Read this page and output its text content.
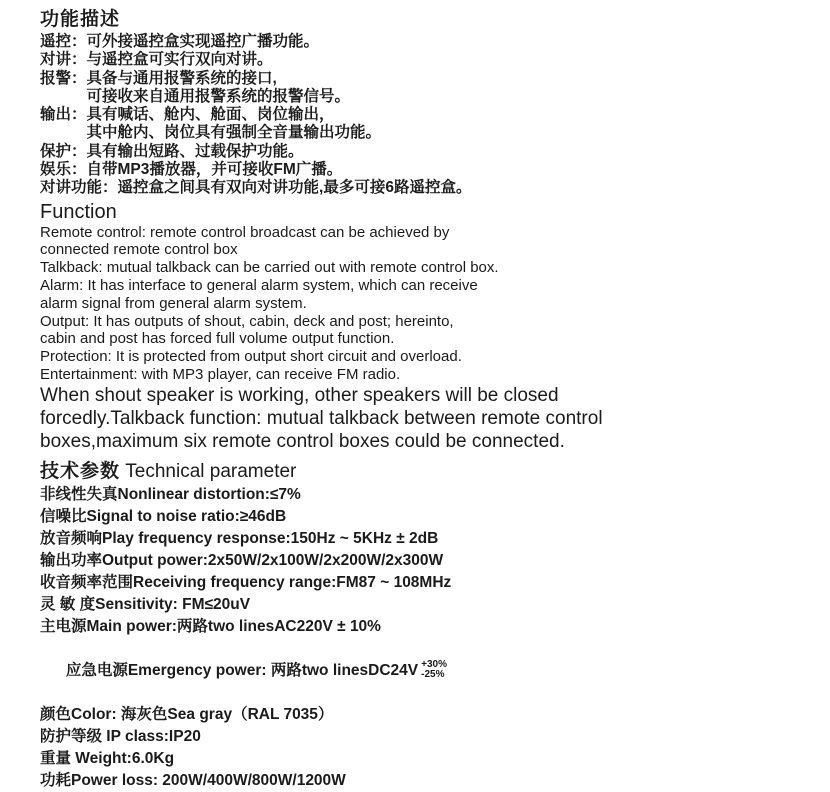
功能描述
遥控： 可外接遥控盒实现遥控广播功能。
对讲： 与遥控盒可实行双向对讲。
报警： 具备与通用报警系统的接口,
可接收来自通用报警系统的报警信号。
输出： 具有喊话、舱内、舱面、岗位输出，
其中舱内、岗位具有强制全音量输出功能。
保护： 具有输出短路、过载保护功能。
娱乐： 自带MP3播放器，并可接收FM广播。
对讲功能： 遥控盒之间具有双向对讲功能,最多可接6路遥控盒。
Function
Remote control: remote control broadcast can be achieved by
connected remote control box
Talkback: mutual talkback can be carried out with remote control box.
Alarm: It has interface to general alarm system, which can receive
alarm signal from general alarm system.
Output: It has outputs of shout, cabin, deck and post; hereinto,
cabin and post has forced full volume output function.
Protection: It is protected from output short circuit and overload.
Entertainment: with MP3 player, can receive FM radio.
When shout speaker is working, other speakers will be closed
forcedly.Talkback function: mutual talkback between remote control
boxes,maximum six remote control boxes could be connected.
技术参数 Technical parameter
非线性失真Nonlinear distortion:≤7%
信噪比Signal to noise ratio:≥46dB
放音频响Play frequency response:150Hz ~ 5KHz ± 2dB
输出功率Output power:2x50W/2x100W/2x200W/2x300W
收音频率范围Receiving frequency range:FM87 ~ 108MHz
灵 敏 度Sensitivity: FM≤20uV
主电源Main power:两路two linesAC220V ± 10%

应急电源Emergency power: 两路two linesDC24V +30%
-25%

颜色Color: 海灰色Sea gray（RAL 7035）
防护等级 IP class:IP20
重量 Weight:6.0Kg
功耗Power loss: 200W/400W/800W/1200W
